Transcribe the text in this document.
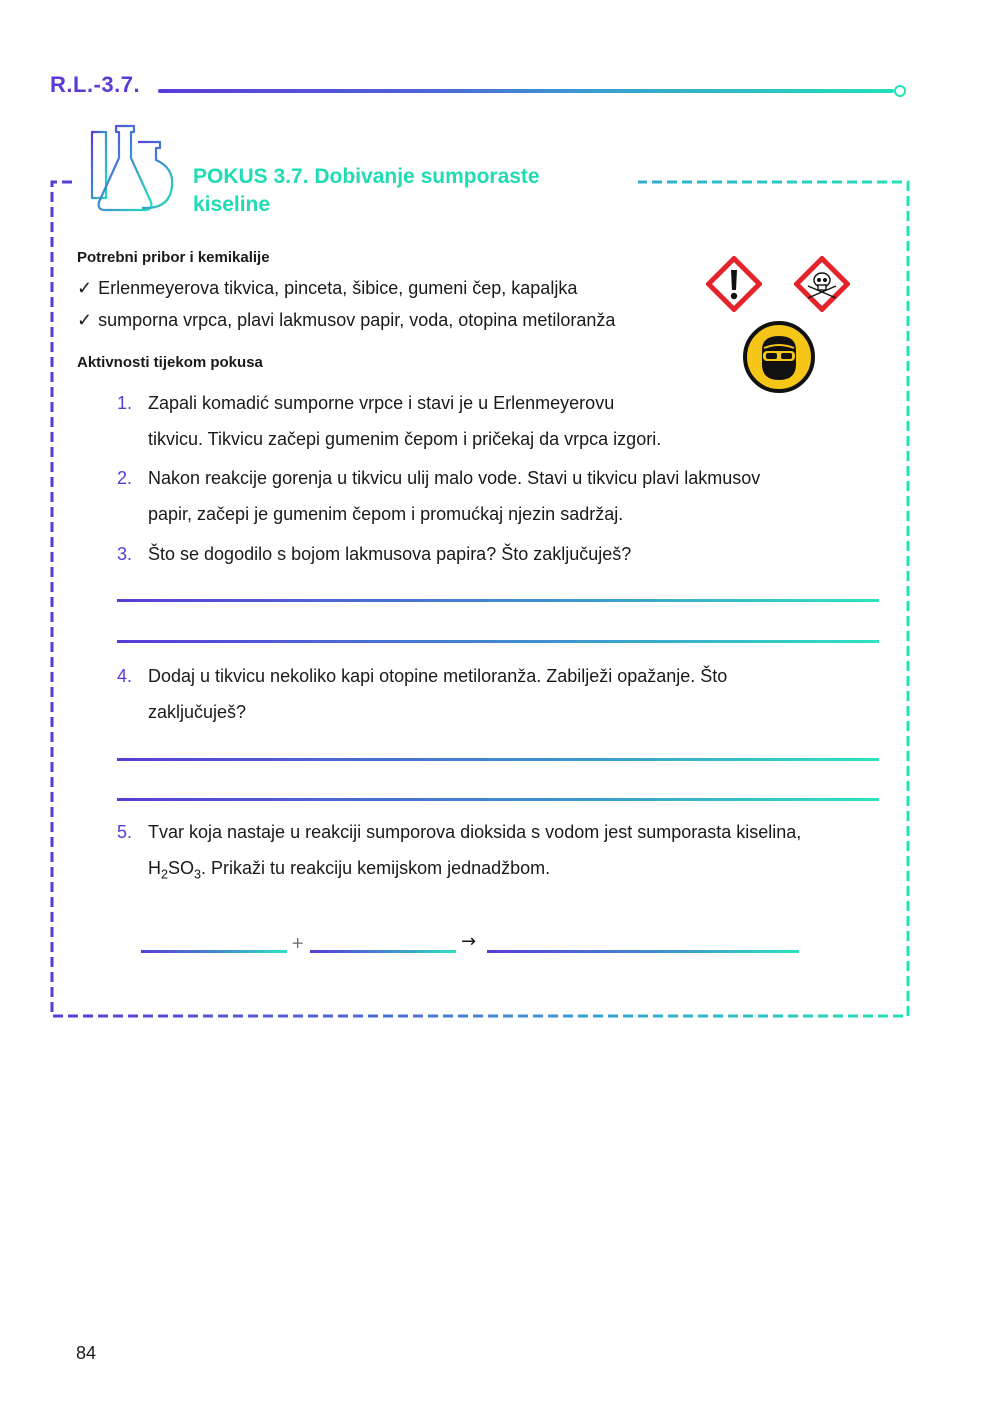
R.L.-3.7.
POKUS 3.7. Dobivanje sumporaste
kiseline
Potrebni pribor i kemikalije
✓ Erlenmeyerova tikvica, pinceta, šibice, gumeni čep, kapaljka
✓ sumporna vrpca, plavi lakmusov papir, voda, otopina metiloranža
Aktivnosti tijekom pokusa
1. Zapali komadić sumporne vrpce i stavi je u Erlenmeyerovu
tikvicu. Tikvicu začepi gumenim čepom i pričekaj da vrpca izgori.
2. Nakon reakcije gorenja u tikvicu ulij malo vode. Stavi u tikvicu plavi lakmusov
papir, začepi je gumenim čepom i promućkaj njezin sadržaj.
3. Što se dogodilo s bojom lakmusova papira? Što zaključuješ?
4. Dodaj u tikvicu nekoliko kapi otopine metiloranža. Zabilježi opažanje. Što
zaključuješ?
5. Tvar koja nastaje u reakciji sumporova dioksida s vodom jest sumporasta kiselina,
$H_2SO_3$. Prikaži tu reakciju kemijskom jednadžbom.
+	→
84
